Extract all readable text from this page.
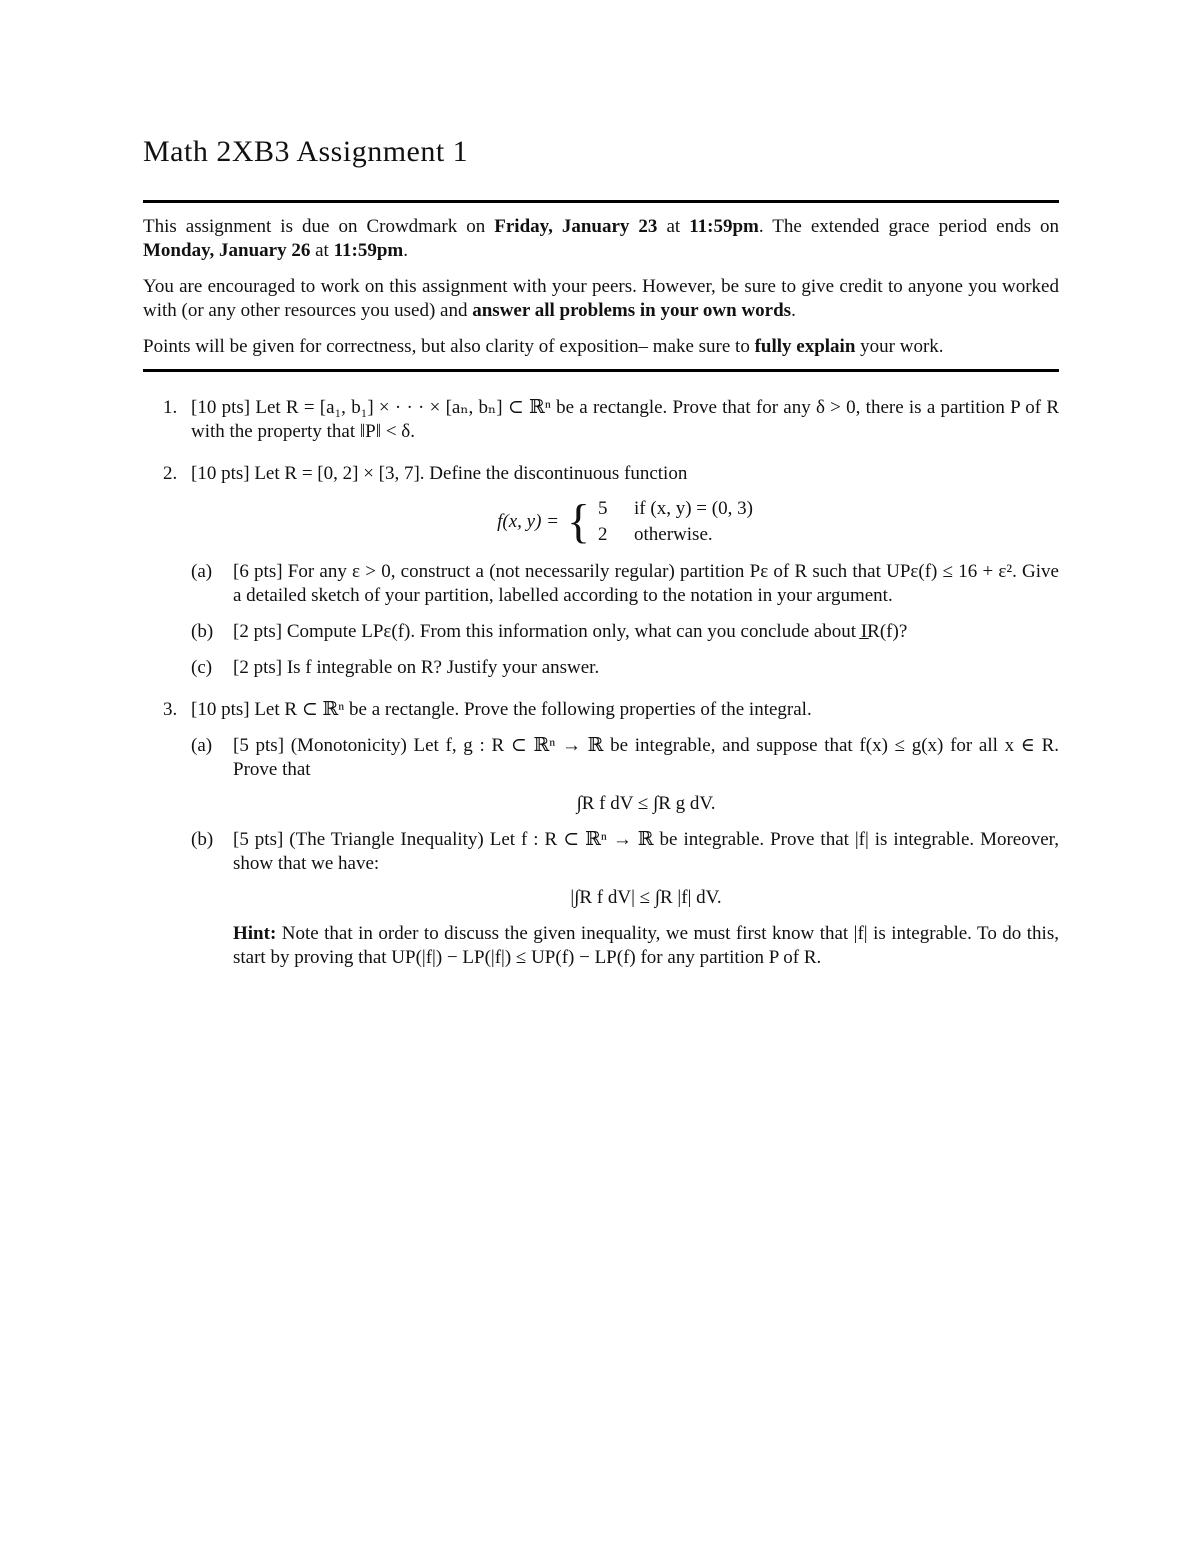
Math 2XB3 Assignment 1

This assignment is due on Crowdmark on Friday, January 23 at 11:59pm. The extended grace period ends on Monday, January 26 at 11:59pm.

You are encouraged to work on this assignment with your peers. However, be sure to give credit to anyone you worked with (or any other resources you used) and answer all problems in your own words.

Points will be given for correctness, but also clarity of exposition– make sure to fully explain your work.

1. [10 pts] Let R = [a₁, b₁] × · · · × [aₙ, bₙ] ⊂ ℝⁿ be a rectangle. Prove that for any δ > 0, there is a partition P of R with the property that ‖P‖ < δ.

2. [10 pts] Let R = [0, 2] × [3, 7]. Define the discontinuous function

f(x, y) = { 5 if (x, y) = (0, 3)
2 otherwise.
(a) [6 pts] For any ε > 0, construct a (not necessarily regular) partition Pε of R such that UPε(f) ≤ 16 + ε². Give a detailed sketch of your partition, labelled according to the notation in your argument.

(b) [2 pts] Compute LPε(f). From this information only, what can you conclude about I̲R(f)?

(c) [2 pts] Is f integrable on R? Justify your answer.

3. [10 pts] Let R ⊂ ℝⁿ be a rectangle. Prove the following properties of the integral.

(a) [5 pts] (Monotonicity) Let f, g : R ⊂ ℝⁿ → ℝ be integrable, and suppose that f(x) ≤ g(x) for all x ∈ R. Prove that

∫R f dV ≤ ∫R g dV.
(b) [5 pts] (The Triangle Inequality) Let f : R ⊂ ℝⁿ → ℝ be integrable. Prove that |f| is integrable. Moreover, show that we have:

|∫R f dV| ≤ ∫R |f| dV.

Hint: Note that in order to discuss the given inequality, we must first know that |f| is integrable. To do this, start by proving that UP(|f|) − LP(|f|) ≤ UP(f) − LP(f) for any partition P of R.
